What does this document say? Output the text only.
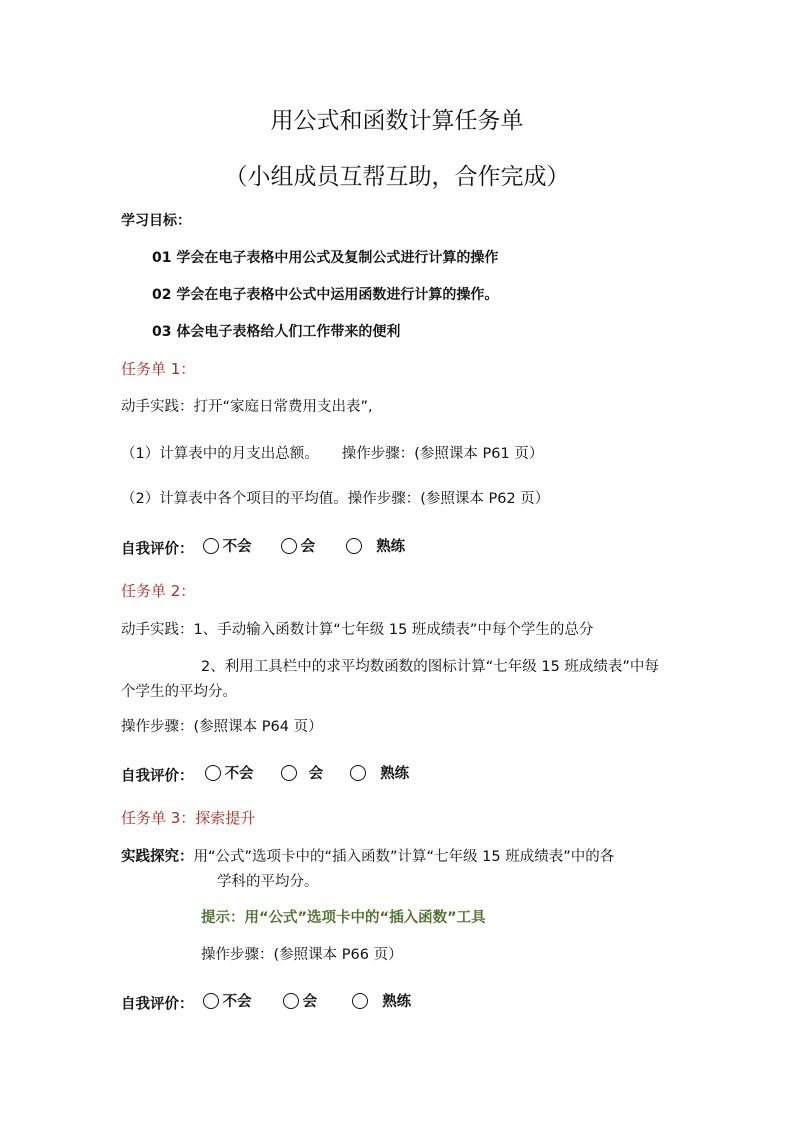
用公式和函数计算任务单
（小组成员互帮互助，合作完成）
学习目标：
01 学会在电子表格中用公式及复制公式进行计算的操作
02 学会在电子表格中公式中运用函数进行计算的操作。
03 体会电子表格给人们工作带来的便利
任务单 1：
动手实践：打开“家庭日常费用支出表”,
（1）计算表中的月支出总额。     操作步骤：(参照课本 P61 页）
（2）计算表中各个项目的平均值。操作步骤：(参照课本 P62 页）
自我评价： 不会
	会
	熟练
任务单 2：
动手实践：1、手动输入函数计算“七年级 15 班成绩表”中每个学生的总分
2、利用工具栏中的求平均数函数的图标计算“七年级 15 班成绩表”中每
个学生的平均分。
操作步骤：(参照课本 P64 页）
自我评价： 不会
	会
	熟练
任务单 3：探索提升
实践探究：用“公式”选项卡中的“插入函数”计算“七年级 15 班成绩表”中的各
学科的平均分。
提示：用“公式”选项卡中的“插入函数”工具
操作步骤：(参照课本 P66 页）
自我评价： 不会
	会
	熟练
